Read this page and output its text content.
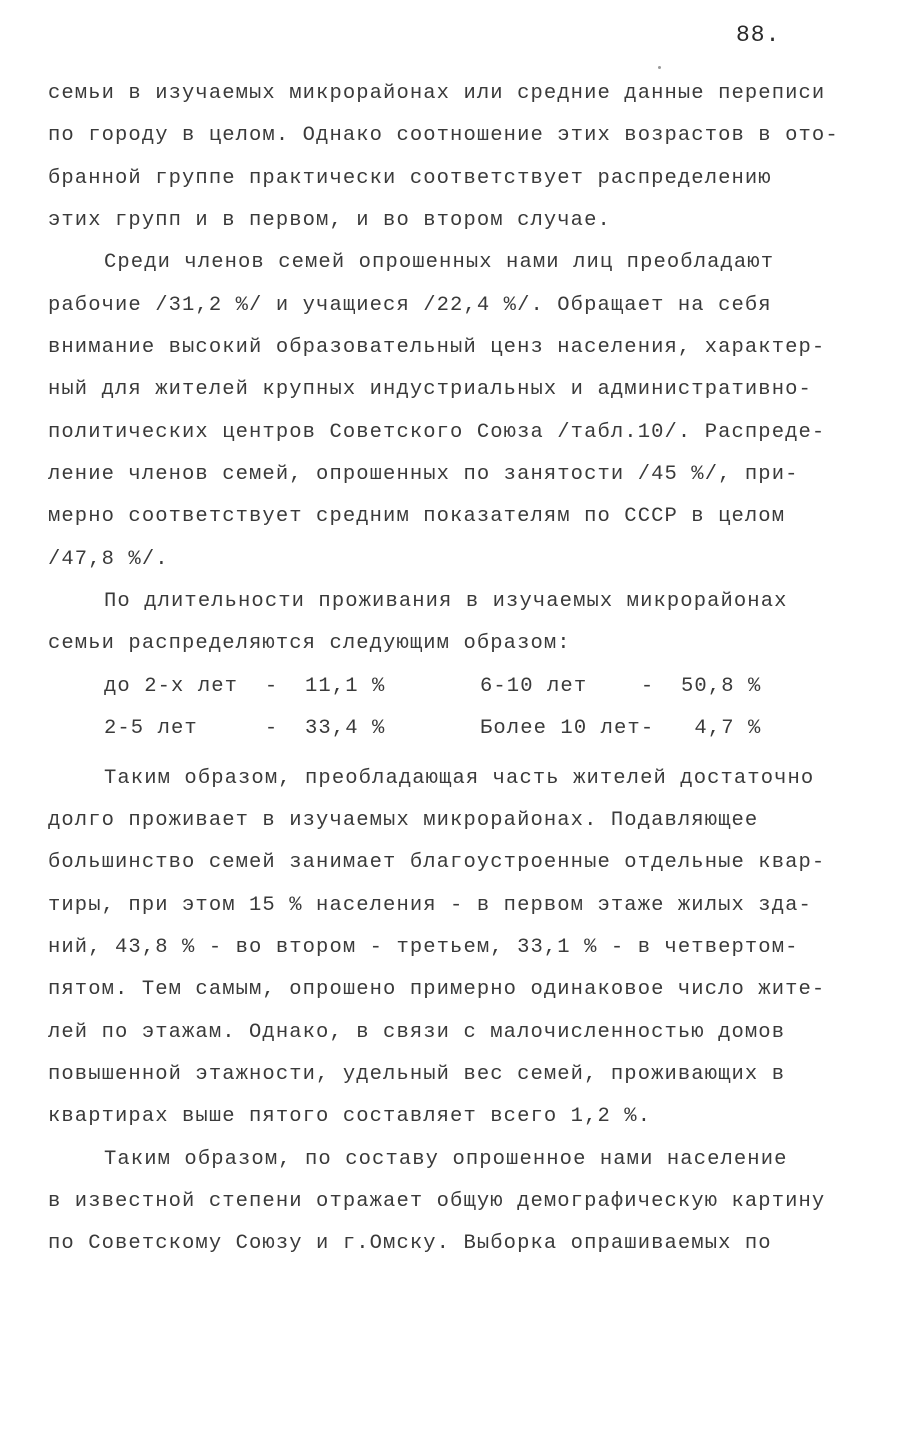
88.
семьи в изучаемых микрорайонах или средние данные переписи
по городу в целом. Однако соотношение этих возрастов в ото-
бранной группе практически соответствует распределению
этих групп и в первом, и во втором случае.
Среди членов семей опрошенных нами лиц преобладают
рабочие /31,2 %/ и учащиеся /22,4 %/. Обращает на себя
внимание высокий образовательный ценз населения, характер-
ный для жителей крупных индустриальных и административно-
политических центров Советского Союза /табл.10/. Распреде-
ление членов семей, опрошенных по занятости /45 %/, при-
мерно соответствует средним показателям по СССР в целом
/47,8 %/.
По длительности проживания в изучаемых микрорайонах
семьи распределяются следующим образом:
до 2-х лет  -  11,1 %	6-10 лет    -  50,8 %
2-5 лет     -  33,4 %	Более 10 лет-   4,7 %
Таким образом, преобладающая часть жителей достаточно
долго проживает в изучаемых микрорайонах. Подавляющее
большинство семей занимает благоустроенные отдельные квар-
тиры, при этом 15 % населения - в первом этаже жилых зда-
ний, 43,8 % - во втором - третьем, 33,1 % - в четвертом-
пятом. Тем самым, опрошено примерно одинаковое число жите-
лей по этажам. Однако, в связи с малочисленностью домов
повышенной этажности, удельный вес семей, проживающих в
квартирах выше пятого составляет всего 1,2 %.
Таким образом, по составу опрошенное нами население
в известной степени отражает общую демографическую картину
по Советскому Союзу и г.Омску. Выборка опрашиваемых по
